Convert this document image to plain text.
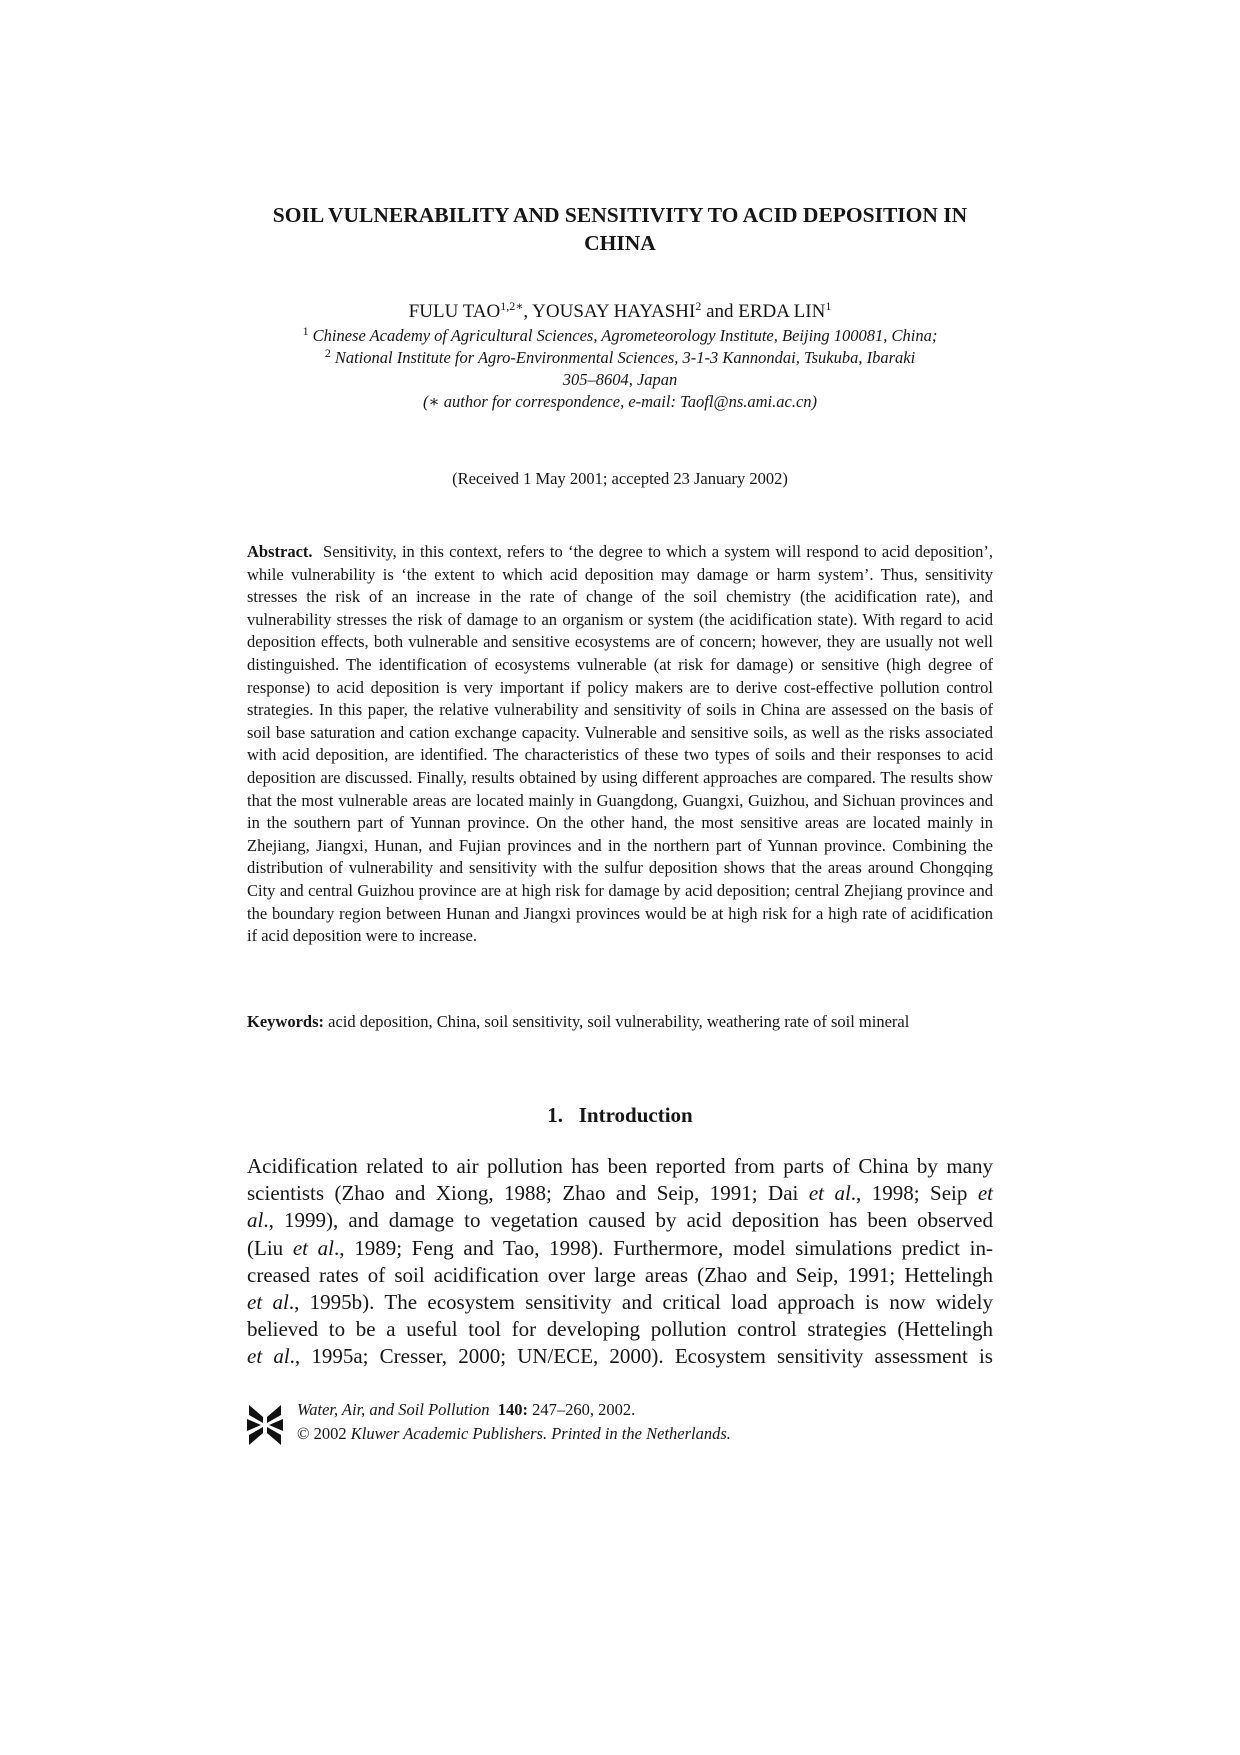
SOIL VULNERABILITY AND SENSITIVITY TO ACID DEPOSITION IN
CHINA
FULU $TAO^{1,2∗}$, YOUSAY HAYASHI$^2$ and ERDA LIN$^1$
$^1$ Chinese Academy of Agricultural Sciences, Agrometeorology Institute, Beijing 100081, China;
$^2$ National Institute for Agro-Environmental Sciences, 3-1-3 Kannondai, Tsukuba, Ibaraki
305–8604, Japan
(∗ author for correspondence, e-mail: Taofl@ns.ami.ac.cn)
(Received 1 May 2001; accepted 23 January 2002)
Abstract. Sensitivity, in this context, refers to ‘the degree to which a system will respond to acid deposition’, while vulnerability is ‘the extent to which acid deposition may damage or harm system’. Thus, sensitivity stresses the risk of an increase in the rate of change of the soil chemistry (the acidification rate), and vulnerability stresses the risk of damage to an organism or system (the acidification state). With regard to acid deposition effects, both vulnerable and sensitive ecosystems are of concern; however, they are usually not well distinguished. The identification of ecosystems vulnerable (at risk for damage) or sensitive (high degree of response) to acid deposition is very important if policy makers are to derive cost-effective pollution control strategies. In this paper, the relative vulnerability and sensitivity of soils in China are assessed on the basis of soil base saturation and cation exchange capacity. Vulnerable and sensitive soils, as well as the risks associated with acid deposition, are identified. The characteristics of these two types of soils and their responses to acid deposition are discussed. Finally, results obtained by using different approaches are compared. The results show that the most vulnerable areas are located mainly in Guangdong, Guangxi, Guizhou, and Sichuan provinces and in the southern part of Yunnan province. On the other hand, the most sensitive areas are located mainly in Zhejiang, Jiangxi, Hunan, and Fujian provinces and in the northern part of Yunnan province. Combining the distribution of vulnerability and sensitivity with the sulfur deposition shows that the areas around Chongqing City and central Guizhou province are at high risk for damage by acid deposition; central Zhejiang province and the boundary region between Hunan and Jiangxi provinces would be at high risk for a high rate of acidification if acid deposition were to increase.
Keywords: acid deposition, China, soil sensitivity, soil vulnerability, weathering rate of soil mineral
1. Introduction
Acidification related to air pollution has been reported from parts of China by many
scientists (Zhao and Xiong, 1988; Zhao and Seip, 1991; Dai et al., 1998; Seip et
al., 1999), and damage to vegetation caused by acid deposition has been observed
(Liu et al., 1989; Feng and Tao, 1998). Furthermore, model simulations predict in-
creased rates of soil acidification over large areas (Zhao and Seip, 1991; Hettelingh
et al., 1995b). The ecosystem sensitivity and critical load approach is now widely
believed to be a useful tool for developing pollution control strategies (Hettelingh
et al., 1995a; Cresser, 2000; UN/ECE, 2000). Ecosystem sensitivity assessment is
Water, Air, and Soil Pollution 140: 247–260, 2002.
© 2002 Kluwer Academic Publishers. Printed in the Netherlands.
